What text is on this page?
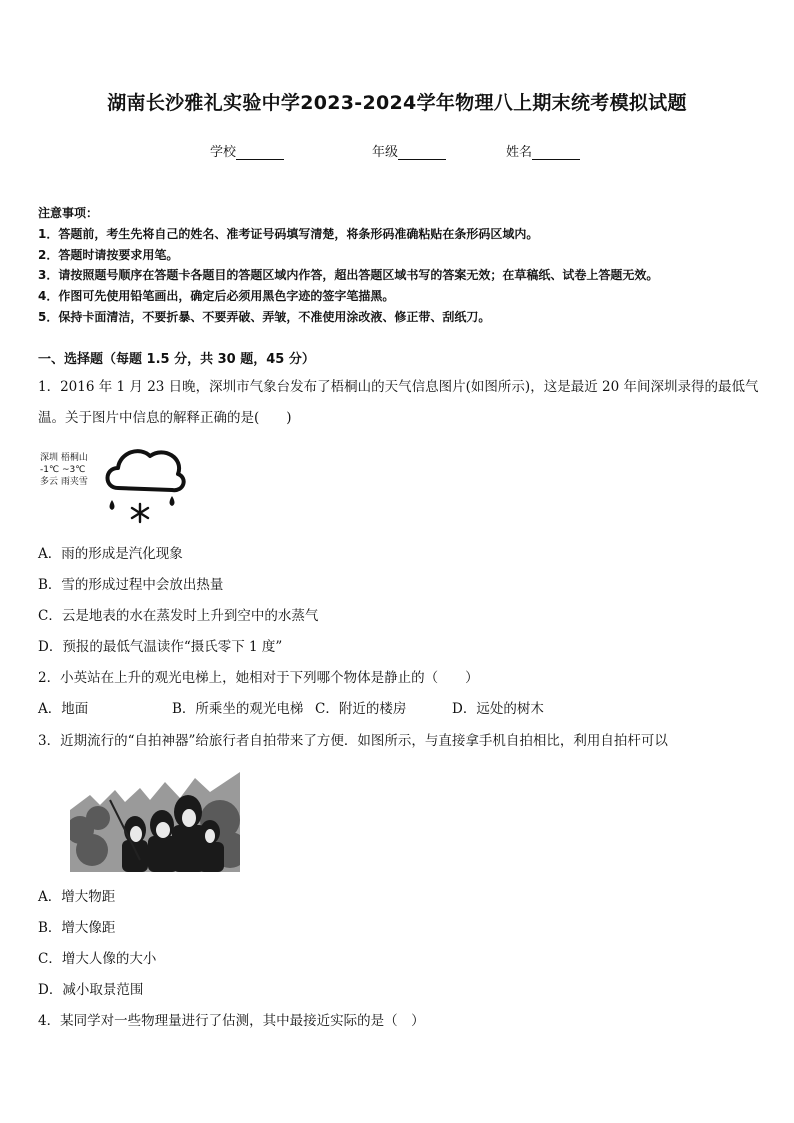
湖南长沙雅礼实验中学2023-2024学年物理八上期末统考模拟试题
学校	年级	姓名
注意事项：
1．答题前，考生先将自己的姓名、准考证号码填写清楚，将条形码准确粘贴在条形码区域内。
2．答题时请按要求用笔。
3．请按照题号顺序在答题卡各题目的答题区域内作答，超出答题区域书写的答案无效；在草稿纸、试卷上答题无效。
4．作图可先使用铅笔画出，确定后必须用黑色字迹的签字笔描黑。
5．保持卡面清洁，不要折暴、不要弄破、弄皱，不准使用涂改液、修正带、刮纸刀。
一、选择题（每题 1.5 分，共 30 题，45 分）
1．2016 年 1 月 23 日晚，深圳市气象台发布了梧桐山的天气信息图片(如图所示)，这是最近 20 年间深圳录得的最低气
温。关于图片中信息的解释正确的是(　　)
深圳 梧桐山
-1℃ ~3℃
多云 雨夹雪
A．雨的形成是汽化现象
B．雪的形成过程中会放出热量
C．云是地表的水在蒸发时上升到空中的水蒸气
D．预报的最低气温读作“摄氏零下 1 度”
2．小英站在上升的观光电梯上，她相对于下列哪个物体是静止的（　　）
A．地面	B．所乘坐的观光电梯 C．附近的楼房	D．远处的树木
3．近期流行的“自拍神器”给旅行者自拍带来了方便．如图所示，与直接拿手机自拍相比，利用自拍杆可以
A．增大物距
B．增大像距
C．增大人像的大小
D．减小取景范围
4．某同学对一些物理量进行了估测，其中最接近实际的是（　）
